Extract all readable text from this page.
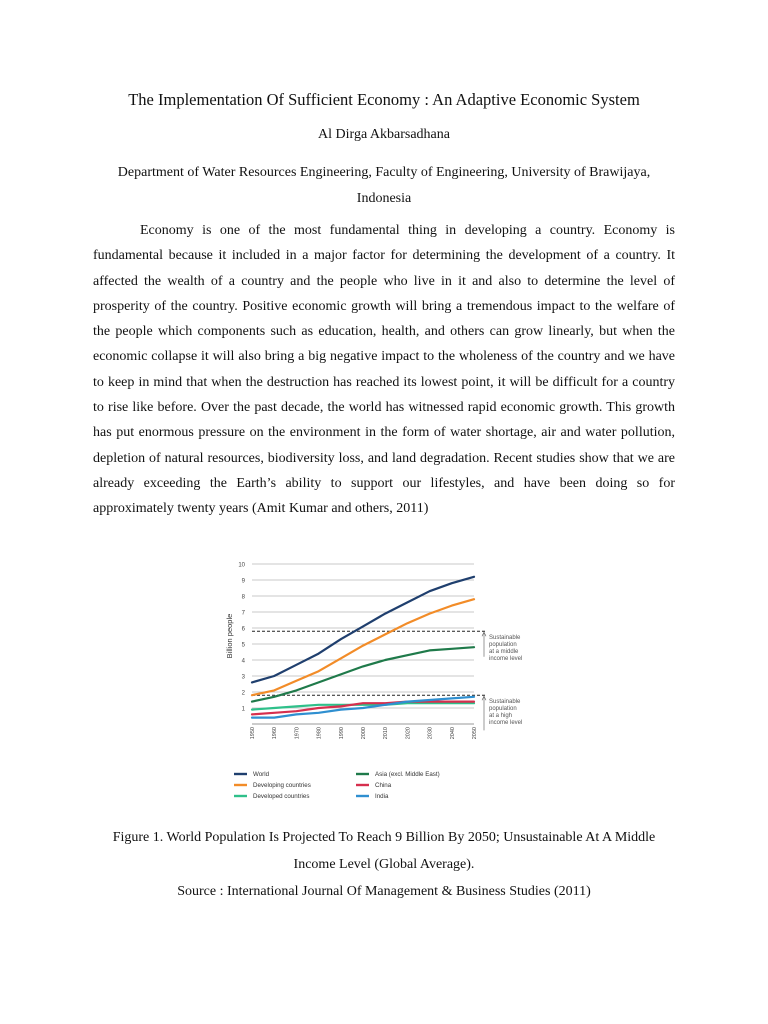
The Implementation Of Sufficient Economy : An Adaptive Economic System
Al Dirga Akbarsadhana
Department of Water Resources Engineering, Faculty of Engineering, University of Brawijaya, Indonesia

Economy is one of the most fundamental thing in developing a country. Economy is fundamental because it included in a major factor for determining the development of a country. It affected the wealth of a country and the people who live in it and also to determine the level of prosperity of the country. Positive economic growth will bring a tremendous impact to the welfare of the people which components such as education, health, and others can grow linearly, but when the economic collapse it will also bring a big negative impact to the wholeness of the country and we have to keep in mind that when the destruction has reached its lowest point, it will be difficult for a country to rise like before. Over the past decade, the world has witnessed rapid economic growth. This growth has put enormous pressure on the environment in the form of water shortage, air and water pollution, depletion of natural resources, biodiversity loss, and land degradation. Recent studies show that we are already exceeding the Earth’s ability to support our lifestyles, and have been doing so for approximately twenty years (Amit Kumar and others, 2011)

1
2
3
4
5
6
7
8
9
10
Billion people
1950	1960	1970	1980	1990	2000	2010	2020	2030	2040	2050
Sustainable population at a middle income level
Sustainable population at a high income level
World	Asia (excl. Middle East)
Developing countries	China
Developed countries	India
Figure 1. World Population Is Projected To Reach 9 Billion By 2050; Unsustainable At A Middle Income Level (Global Average).
Source : International Journal Of Management & Business Studies (2011)
